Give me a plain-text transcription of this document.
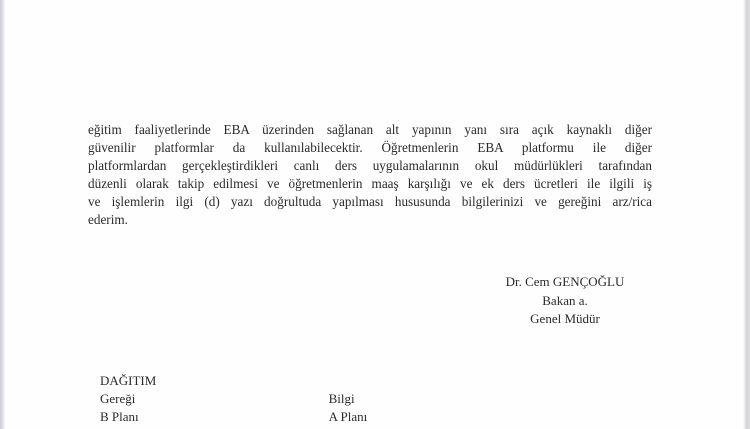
eğitim faaliyetlerinde EBA üzerinden sağlanan alt yapının yanı sıra açık kaynaklı diğer
güvenilir platformlar da kullanılabilecektir. Öğretmenlerin EBA platformu ile diğer
platformlardan gerçekleştirdikleri canlı ders uygulamalarının okul müdürlükleri tarafından
düzenli olarak takip edilmesi ve öğretmenlerin maaş karşılığı ve ek ders ücretleri ile ilgili iş
ve işlemlerin ilgi (d) yazı doğrultuda yapılması hususunda bilgilerinizi ve gereğini arz/rica
ederim.
Dr. Cem GENÇOĞLU
Bakan a.
Genel Müdür
DAĞITIM
Gereği	Bilgi
B Planı	A Planı
